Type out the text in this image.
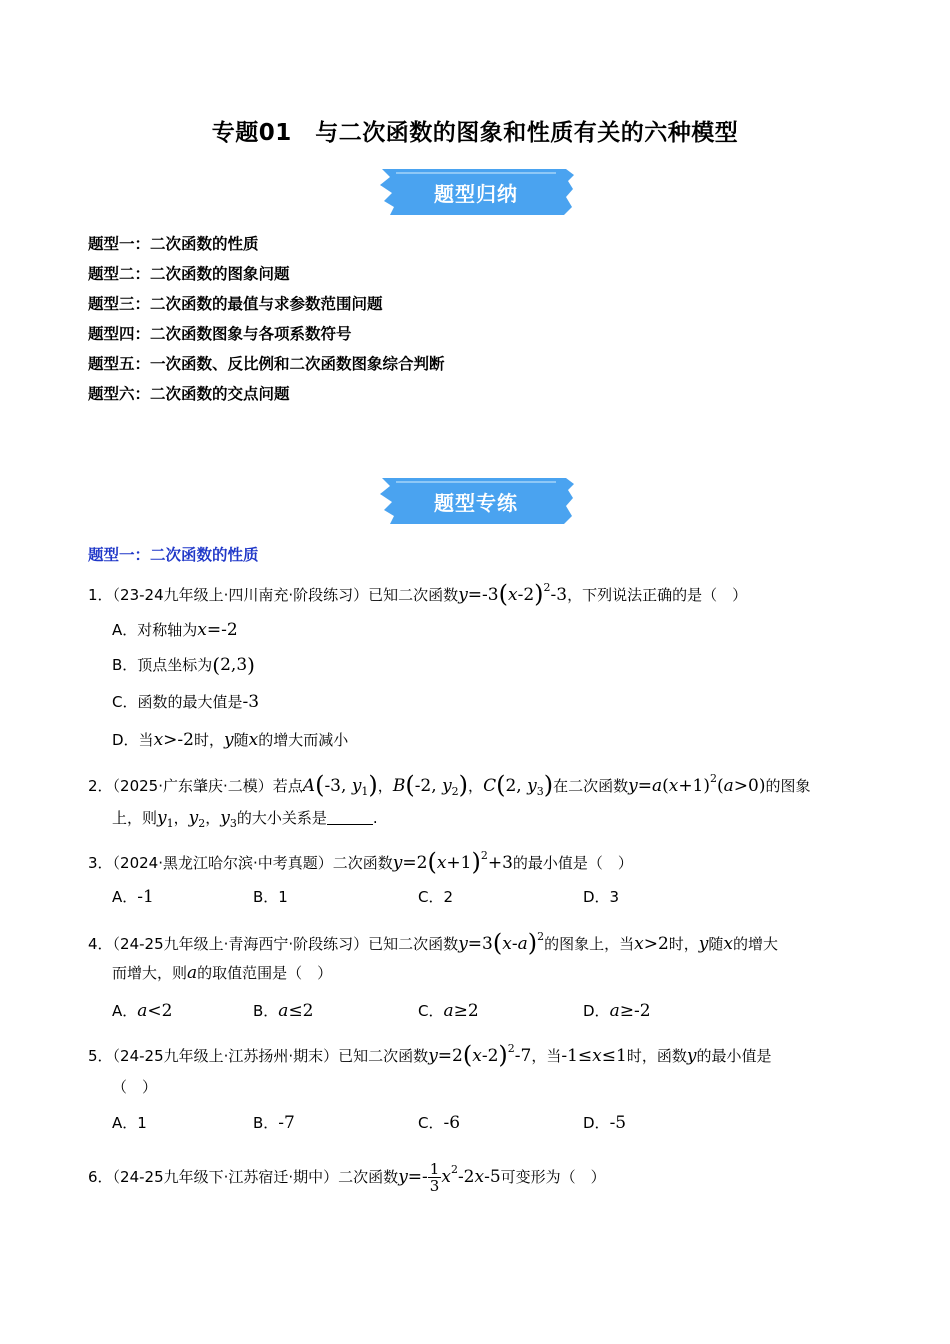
专题01　与二次函数的图象和性质有关的六种模型
题型归纳
题型一：二次函数的性质
题型二：二次函数的图象问题
题型三：二次函数的最值与求参数范围问题
题型四：二次函数图象与各项系数符号
题型五：一次函数、反比例和二次函数图象综合判断
题型六：二次函数的交点问题
题型专练
题型一：二次函数的性质
1．（23-24九年级上·四川南充·阶段练习）已知二次函数$y=-3(x-2)^2-3$，下列说法正确的是（　）
A．对称轴为x=-2
B．顶点坐标为(2,3)
C．函数的最大值是-3
D．当x>-2时，y随x的增大而减小
2．（2025·广东肇庆·二模）若点A(-3, $y_1$)，B(-2, $y_2$)，C(2, $y_3$)在二次函数$y=a(x+1)^2(a>0)$的图象
上，则$y_1$，$y_2$，$y_3$的大小关系是	.
3．（2024·黑龙江哈尔滨·中考真题）二次函数$y=2(x+1)^2+3$的最小值是（　）
A．-1	B．1	C．2	D．3
4．（24-25九年级上·青海西宁·阶段练习）已知二次函数$y=3(x-a)^2$的图象上，当x>2时，y随x的增大
而增大，则a的取值范围是（　）
A．a<2	B．a≤2	C．a≥2	D．a≥-2
5．（24-25九年级上·江苏扬州·期末）已知二次函数$y=2(x-2)^2-7$，当-1≤x≤1时，函数y的最小值是
（　）
A．1	B．-7	C．-6	D．-5
6．（24-25九年级下·江苏宿迁·期中）二次函数$y=- \frac{1}{3} x^2-2x-5$可变形为（　）
